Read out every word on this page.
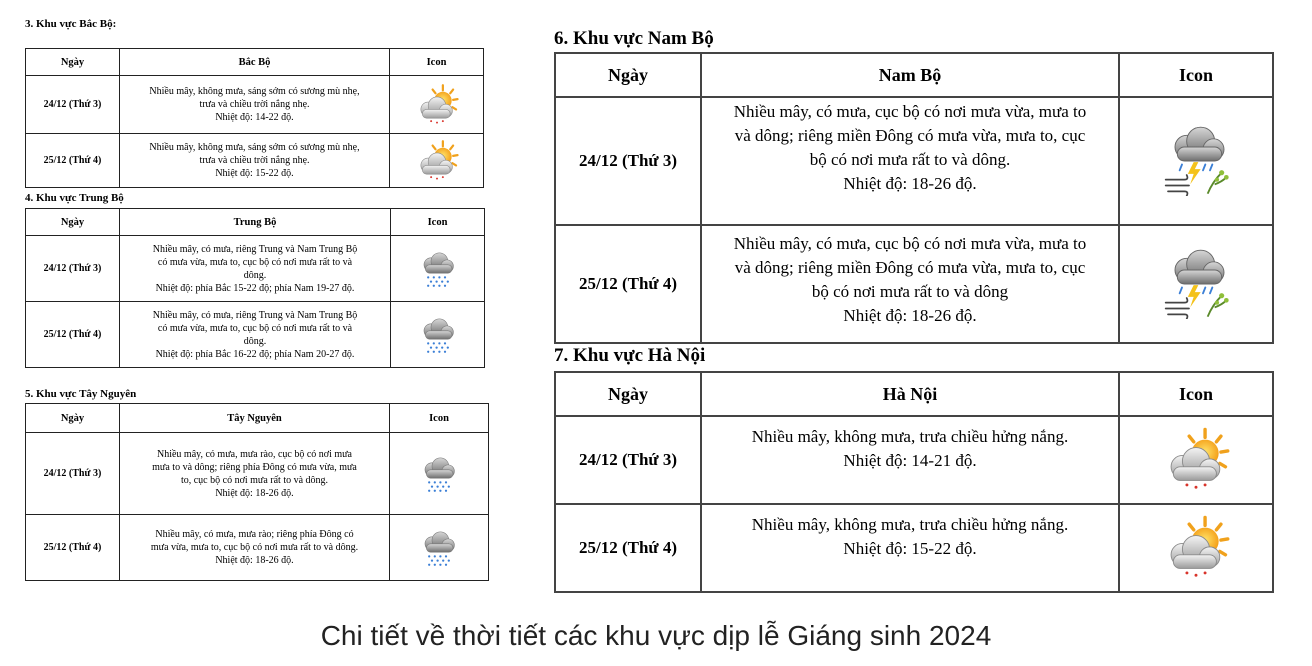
3. Khu vực Bắc Bộ:
Ngày	Bắc Bộ	Icon
24/12 (Thứ 3)	Nhiều mây, không mưa, sáng sớm có sương mù nhẹ,
trưa và chiều trời nắng nhẹ.
Nhiệt độ: 14-22 độ.

25/12 (Thứ 4)	Nhiều mây, không mưa, sáng sớm có sương mù nhẹ,
trưa và chiều trời nắng nhẹ.
Nhiệt độ: 15-22 độ.

4. Khu vực Trung Bộ
Ngày	Trung Bộ	Icon
24/12 (Thứ 3)	Nhiều mây, có mưa, riêng Trung và Nam Trung Bộ
có mưa vừa, mưa to, cục bộ có nơi mưa rất to và
dông.
Nhiệt độ: phía Bắc 15-22 độ; phía Nam 19-27 độ.

25/12 (Thứ 4)	Nhiều mây, có mưa, riêng Trung và Nam Trung Bộ
có mưa vừa, mưa to, cục bộ có nơi mưa rất to và
dông.
Nhiệt độ: phía Bắc 16-22 độ; phía Nam 20-27 độ.

5. Khu vực Tây Nguyên
Ngày	Tây Nguyên	Icon
24/12 (Thứ 3)	Nhiều mây, có mưa, mưa rào, cục bộ có nơi mưa
mưa to và dông; riêng phía Đông có mưa vừa, mưa
to, cục bộ có nơi mưa rất to và dông.
Nhiệt độ: 18-26 độ.

25/12 (Thứ 4)	Nhiều mây, có mưa, mưa rào; riêng phía Đông có
mưa vừa, mưa to, cục bộ có nơi mưa rất to và dông.
Nhiệt độ: 18-26 độ.

6. Khu vực Nam Bộ
Ngày	Nam Bộ	Icon
24/12 (Thứ 3)	Nhiều mây, có mưa, cục bộ có nơi mưa vừa, mưa to
và dông; riêng miền Đông có mưa vừa, mưa to, cục
bộ có nơi mưa rất to và dông.
Nhiệt độ: 18-26 độ.

25/12 (Thứ 4)	Nhiều mây, có mưa, cục bộ có nơi mưa vừa, mưa to
và dông; riêng miền Đông có mưa vừa, mưa to, cục
bộ có nơi mưa rất to và dông
Nhiệt độ: 18-26 độ.

7. Khu vực Hà Nội
Ngày	Hà Nội	Icon
24/12 (Thứ 3)	Nhiều mây, không mưa, trưa chiều hửng nắng.
Nhiệt độ: 14-21 độ.

25/12 (Thứ 4)	Nhiều mây, không mưa, trưa chiều hửng nắng.
Nhiệt độ: 15-22 độ.

Chi tiết về thời tiết các khu vực dịp lễ Giáng sinh 2024
